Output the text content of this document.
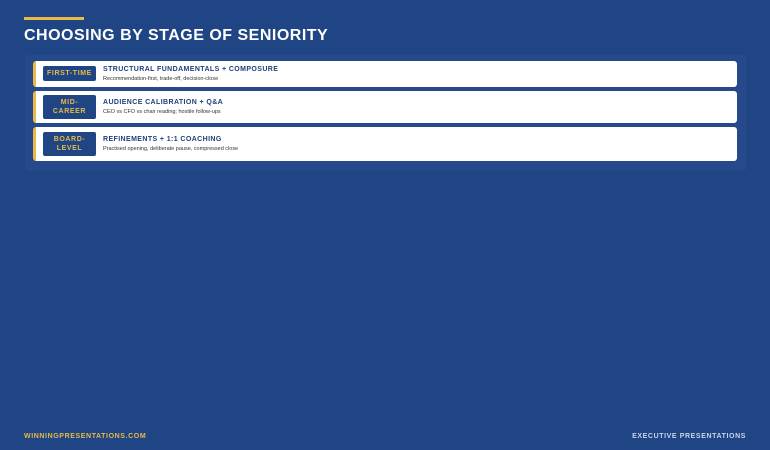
CHOOSING BY STAGE OF SENIORITY
FIRST-TIME

STRUCTURAL FUNDAMENTALS + COMPOSURE

Recommendation-first, trade-off, decision-close

MID-CAREER

AUDIENCE CALIBRATION + Q&A

CEO vs CFO vs chair reading; hostile follow-ups

BOARD-LEVEL

REFINEMENTS + 1:1 COACHING

Practised opening, deliberate pause, compressed close

WINNINGPRESENTATIONS.COM	EXECUTIVE PRESENTATIONS
